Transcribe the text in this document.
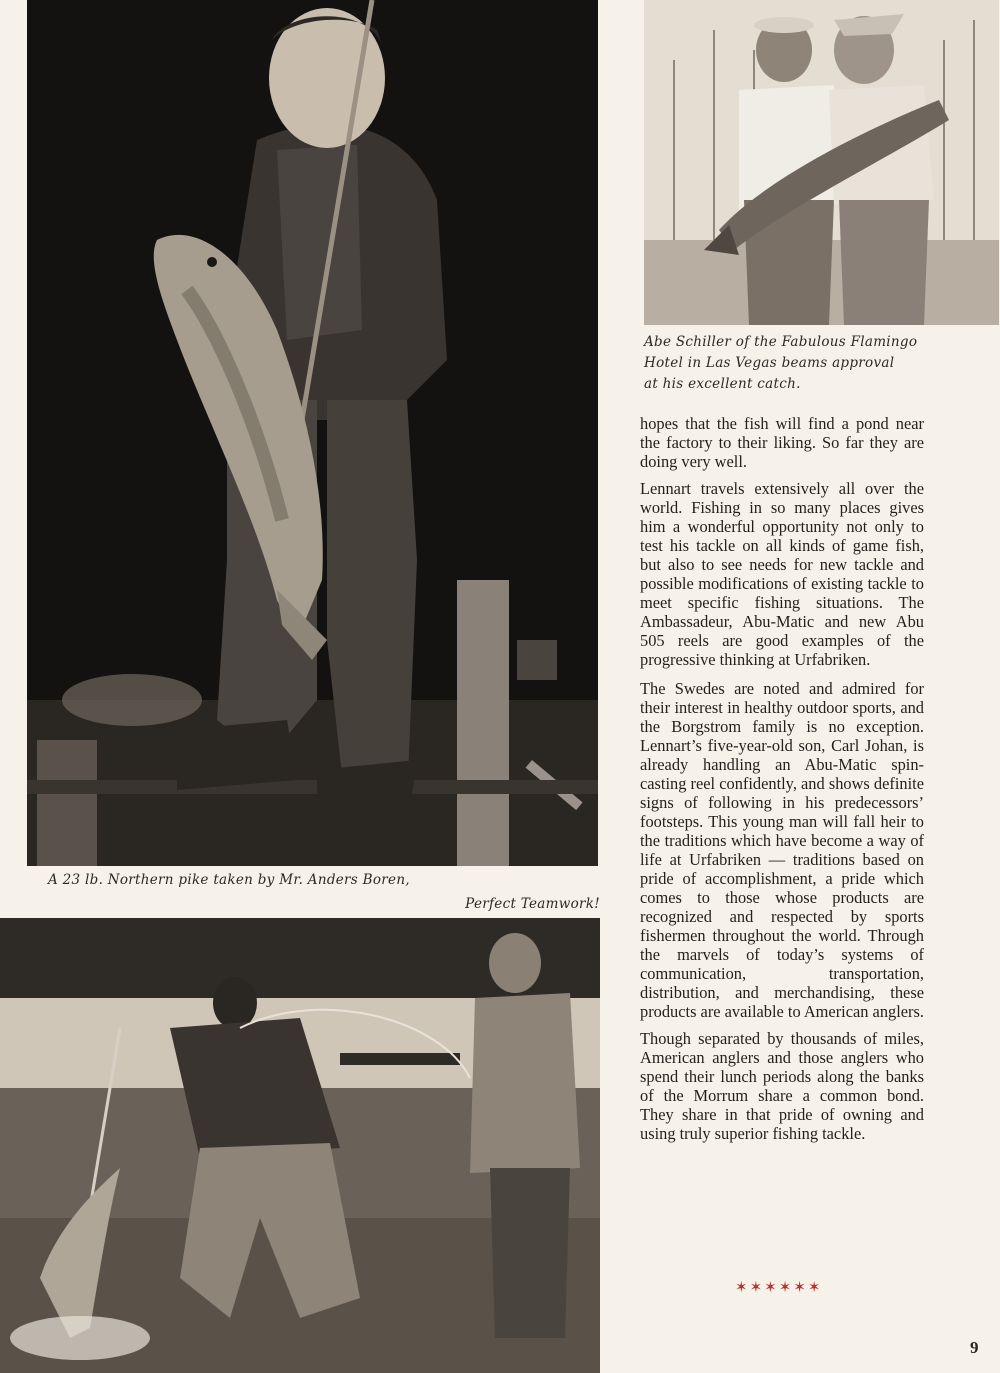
Abe Schiller of the Fabulous Flamingo
Hotel in Las Vegas beams approval
at his excellent catch.
A 23 lb. Northern pike taken by Mr. Anders Boren,
Perfect Teamwork!

hopes that the fish will find a pond near the factory to their liking. So far they are doing very well.

Lennart travels extensively all over the world. Fishing in so many places gives him a wonderful opportunity not only to test his tackle on all kinds of game fish, but also to see needs for new tackle and possible modifications of existing tackle to meet specific fishing situations. The Ambassadeur, Abu-Matic and new Abu 505 reels are good examples of the progressive thinking at Urfabriken.

The Swedes are noted and admired for their interest in healthy outdoor sports, and the Borgstrom family is no exception. Lennart’s five-year-old son, Carl Johan, is already handling an Abu-Matic spin-casting reel confidently, and shows definite signs of following in his predecessors’ footsteps. This young man will fall heir to the traditions which have become a way of life at Urfabriken — traditions based on pride of accomplishment, a pride which comes to those whose products are recognized and respected by sports fishermen throughout the world. Through the marvels of today’s systems of communication, transportation, distribution, and merchandising, these products are available to American anglers.

Though separated by thousands of miles, American anglers and those anglers who spend their lunch periods along the banks of the Morrum share a common bond. They share in that pride of owning and using truly superior fishing tackle.

✶✶✶✶✶✶
9
